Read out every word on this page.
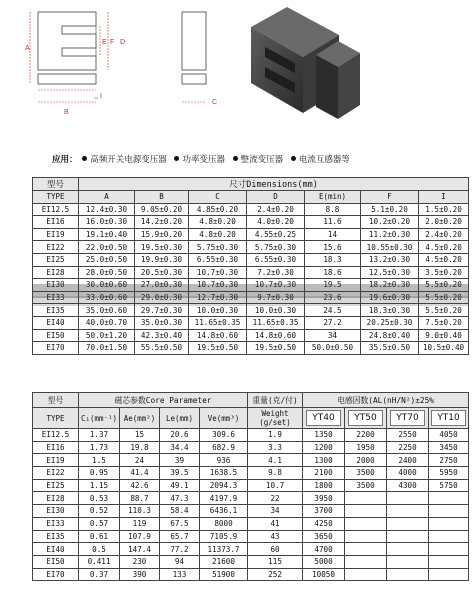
A
E F D
I
B
C
应用： 高频开关电源变压器 功率变压器 整流变压器 电流互感器等
型号	尺寸Dimensions(mm)						
TYPE	A	B	C	D	E(min)	F	I
EI12.5	12.4±0.30	9.05±0.20	4.85±0.20	2.4±0.20	8.8	5.1±0.20	1.5±0.20
EI16	16.0±0.30	14.2±0.20	4.8±0.20	4.0±0.20	11.6	10.2±0.20	2.0±0.20
EI19	19.1±0.40	15.9±0.20	4.8±0.20	4.55±0.25	14	11.2±0.30	2.4±0.20
EI22	22.0±0.50	19.5±0.30	5.75±0.30	5.75±0.30	15.6	10.55±0.30	4.5±0.20
EI25	25.0±0.50	19.9±0.30	6.55±0.30	6.55±0.30	18.3	13.2±0.30	4.5±0.20
EI28	28.0±0.50	20.5±0.30	10.7±0.30	7.2±0.30	18.6	12.5±0.30	3.5±0.20
EI30	30.0±0.60	27.0±0.30	10.7±0.30	10.7±0.30	19.5	18.2±0.30	5.5±0.20
EI33	33.0±0.60	29.0±0.30	12.7±0.30	9.7±0.30	23.6	19.6±0.30	5.5±0.20
EI35	35.0±0.60	29.7±0.30	10.0±0.30	10.0±0.30	24.5	18.3±0.30	5.5±0.20
EI40	40.0±0.70	35.0±0.30	11.65±0.35	11.65±0.35	27.2	20.25±0.30	7.5±0.20
EI50	50.0±1.20	42.3±0.40	14.8±0.60	14.8±0.60	34	24.8±0.40	9.0±0.40
EI70	70.0±1.50	55.5±0.50	19.5±0.50	19.5±0.50	50.0±0.50	35.5±0.50	10.5±0.40
型号	磁芯参数Core Parameter				重量(克/付)	电感因数(AL(nH/N²)±25%			
TYPE	C₁(mm⁻¹)	Ae(mm²)	Le(mm)	Ve(mm³)	Weight (g/set)	YT40	YT50	YT70	YT10
EI12.5	1.37	15	20.6	309.6	1.9	1350	2200	2550	4050
EI16	1.73	19.8	34.4	682.9	3.3	1200	1950	2250	3450
EI19	1.5	24	39	936	4.1	1300	2000	2400	2750
EI22	0.95	41.4	39.5	1638.5	9.8	2100	3500	4000	5950
EI25	1.15	42.6	49.1	2094.3	10.7	1800	3500	4300	5750
EI28	0.53	88.7	47.3	4197.9	22	3950			
EI30	0.52	110.3	58.4	6436.1	34	3700			
EI33	0.57	119	67.5	8000	41	4250			
EI35	0.61	107.9	65.7	7105.9	43	3650			
EI40	0.5	147.4	77.2	11373.7	60	4700			
EI50	0.411	230	94	21600	115	5000			
EI70	0.37	390	133	51900	252	10050			
